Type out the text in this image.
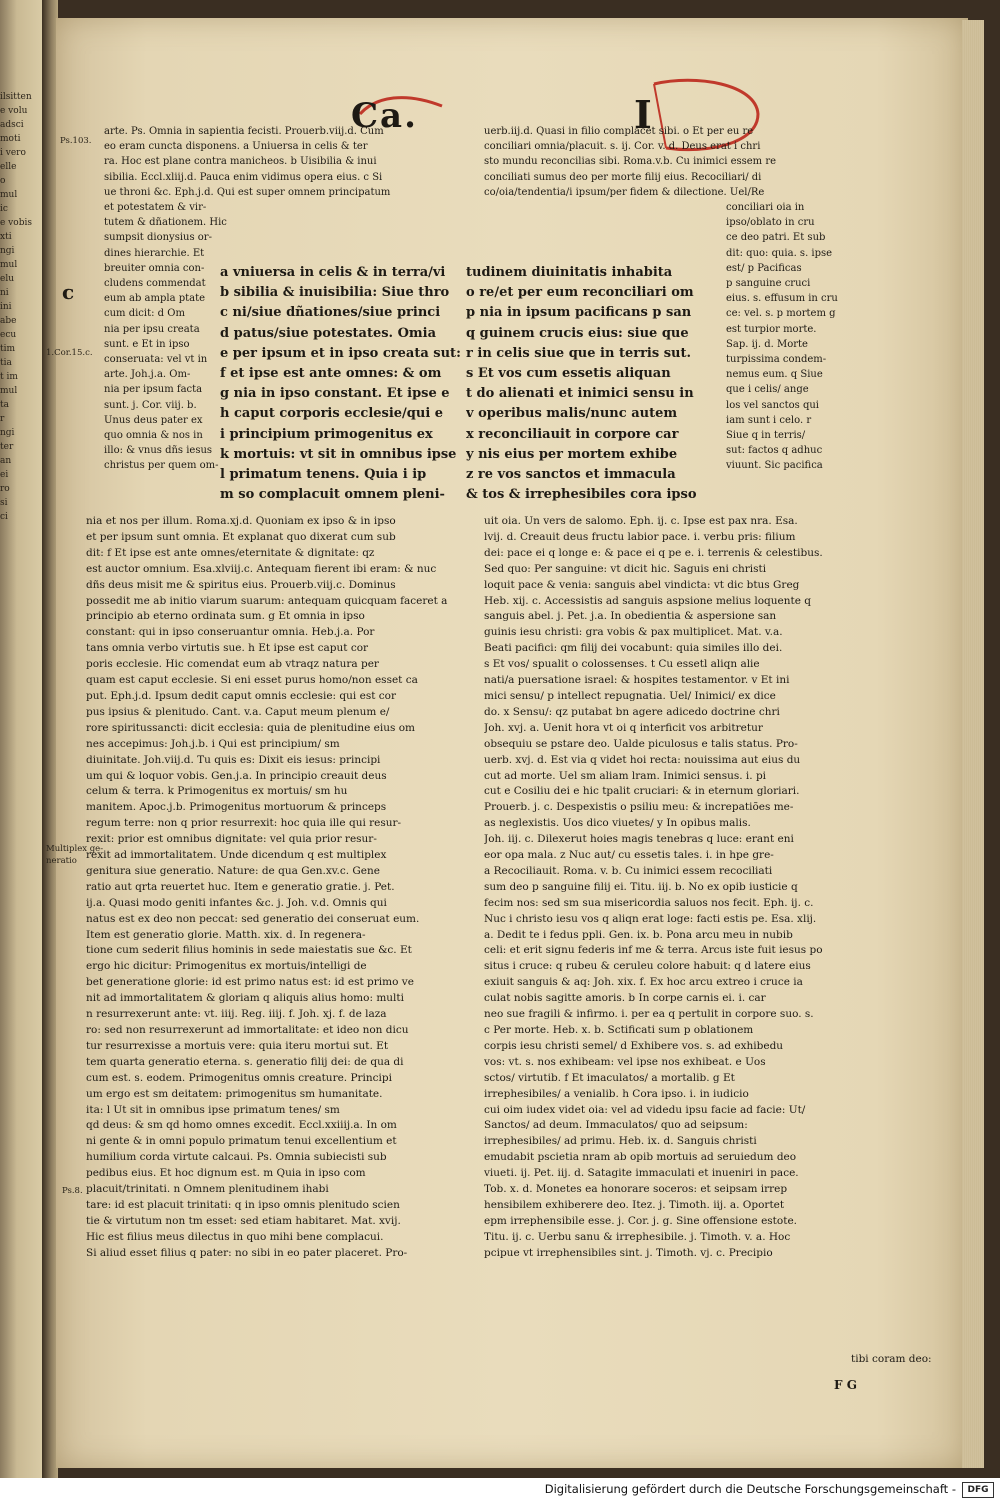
ilsitten
e volu
adsci
moti
i vero
elle
o
mul
ic
e vobis
xti
ngi
mul
elu
ni
ini
abe
ecu
tim
tia
t im
mul
ta
r
ngi
ter
an
ei
ro
si
ci
Ca.	I
Ps.103.
1.Cor.15.c.
Multiplex ge-
neratio
Ps.8.
c
arte. Ps. Omnia in sapientia fecisti. Prouerb.viij.d. Cum
eo eram cuncta disponens. a Uniuersa in celis & ter
ra. Hoc est plane contra manicheos. b Uisibilia & inui
sibilia. Eccl.xliij.d. Pauca enim vidimus opera eius. c Si
ue throni &c. Eph.j.d. Qui est super omnem principatum
et potestatem & vir-
tutem & dñationem. Hic
sumpsit dionysius or-
dines hierarchie. Et
breuiter omnia con-
cludens commendat
eum ab ampla ptate
cum dicit: d Om
nia per ipsu creata
sunt. e Et in ipso
conseruata: vel vt in
arte. Joh.j.a. Om-
nia per ipsum facta
sunt. j. Cor. viij. b.
Unus deus pater ex
quo omnia & nos in
illo: & vnus dñs iesus
christus per quem om-
a vniuersa in celis & in terra/vi
b sibilia & inuisibilia: Siue thro
c ni/siue dñationes/siue princi
d patus/siue potestates. Omia
e per ipsum et in ipso creata sut:
f et ipse est ante omnes: & om
g nia in ipso constant. Et ipse e
h caput corporis ecclesie/qui e
i principium primogenitus ex
k mortuis: vt sit in omnibus ipse
l primatum tenens. Quia i ip
m so complacuit omnem pleni-
uerb.iij.d. Quasi in filio complacet sibi. o Et per eu re
conciliari omnia/placuit. s. ij. Cor. v. d. Deus erat i chri
sto mundu reconcilias sibi. Roma.v.b. Cu inimici essem re
conciliati sumus deo per morte filij eius. Recociliari/ di
co/oia/tendentia/i ipsum/per fidem & dilectione. Uel/Re
tudinem diuinitatis inhabita
o re/et per eum reconciliari om
p nia in ipsum pacificans p san
q guinem crucis eius: siue que
r in celis siue que in terris sut.
s Et vos cum essetis aliquan
t do alienati et inimici sensu in
v operibus malis/nunc autem
x reconciliauit in corpore car
y nis eius per mortem exhibe
z re vos sanctos et immacula
& tos & irrephesibiles cora ipso
conciliari oia in
ipso/oblato in cru
ce deo patri. Et sub
dit: quo: quia. s. ipse
est/ p Pacificas
p sanguine cruci
eius. s. effusum in cru
ce: vel. s. p mortem g
est turpior morte.
Sap. ij. d. Morte
turpissima condem-
nemus eum. q Siue
que i celis/ ange
los vel sanctos qui
iam sunt i celo. r
Siue q in terris/
sut: factos q adhuc
viuunt. Sic pacifica
nia et nos per illum. Roma.xj.d. Quoniam ex ipso & in ipso
et per ipsum sunt omnia. Et explanat quo dixerat cum sub
dit: f Et ipse est ante omnes/eternitate & dignitate: qz
est auctor omnium. Esa.xlviij.c. Antequam fierent ibi eram: & nuc
dñs deus misit me & spiritus eius. Prouerb.viij.c. Dominus
possedit me ab initio viarum suarum: antequam quicquam faceret a
principio ab eterno ordinata sum. g Et omnia in ipso
constant: qui in ipso conseruantur omnia. Heb.j.a. Por
tans omnia verbo virtutis sue. h Et ipse est caput cor
poris ecclesie. Hic comendat eum ab vtraqz natura per
quam est caput ecclesie. Si eni esset purus homo/non esset ca
put. Eph.j.d. Ipsum dedit caput omnis ecclesie: qui est cor
pus ipsius & plenitudo. Cant. v.a. Caput meum plenum e/
rore spiritussancti: dicit ecclesia: quia de plenitudine eius om
nes accepimus: Joh.j.b. i Qui est principium/ sm
diuinitate. Joh.viij.d. Tu quis es: Dixit eis iesus: principi
um qui & loquor vobis. Gen.j.a. In principio creauit deus
celum & terra. k Primogenitus ex mortuis/ sm hu
manitem. Apoc.j.b. Primogenitus mortuorum & princeps
regum terre: non q prior resurrexit: hoc quia ille qui resur-
rexit: prior est omnibus dignitate: vel quia prior resur-
rexit ad immortalitatem. Unde dicendum q est multiplex
genitura siue generatio. Nature: de qua Gen.xv.c. Gene
ratio aut qrta reuertet huc. Item e generatio gratie. j. Pet.
ij.a. Quasi modo geniti infantes &c. j. Joh. v.d. Omnis qui
natus est ex deo non peccat: sed generatio dei conseruat eum.
Item est generatio glorie. Matth. xix. d. In regenera-
tione cum sederit filius hominis in sede maiestatis sue &c. Et
ergo hic dicitur: Primogenitus ex mortuis/intelligi de
bet generatione glorie: id est primo natus est: id est primo ve
nit ad immortalitatem & gloriam q aliquis alius homo: multi
n resurrexerunt ante: vt. iiij. Reg. iiij. f. Joh. xj. f. de laza
ro: sed non resurrexerunt ad immortalitate: et ideo non dicu
tur resurrexisse a mortuis vere: quia iteru mortui sut. Et
tem quarta generatio eterna. s. generatio filij dei: de qua di
cum est. s. eodem. Primogenitus omnis creature. Principi
um ergo est sm deitatem: primogenitus sm humanitate.
ita: l Ut sit in omnibus ipse primatum tenes/ sm
qd deus: & sm qd homo omnes excedit. Eccl.xxiiij.a. In om
ni gente & in omni populo primatum tenui excellentium et
humilium corda virtute calcaui. Ps. Omnia subiecisti sub
pedibus eius. Et hoc dignum est. m Quia in ipso com
placuit/trinitati. n Omnem plenitudinem ihabi
tare: id est placuit trinitati: q in ipso omnis plenitudo scien
tie & virtutum non tm esset: sed etiam habitaret. Mat. xvij.
Hic est filius meus dilectus in quo mihi bene complacui.
Si aliud esset filius q pater: no sibi in eo pater placeret. Pro-
uit oia. Un vers de salomo. Eph. ij. c. Ipse est pax nra. Esa.
lvij. d. Creauit deus fructu labior pace. i. verbu pris: filium
dei: pace ei q longe e: & pace ei q pe e. i. terrenis & celestibus.
Sed quo: Per sanguine: vt dicit hic. Saguis eni christi
loquit pace & venia: sanguis abel vindicta: vt dic btus Greg
Heb. xij. c. Accessistis ad sanguis aspsione melius loquente q
sanguis abel. j. Pet. j.a. In obedientia & aspersione san
guinis iesu christi: gra vobis & pax multiplicet. Mat. v.a.
Beati pacifici: qm filij dei vocabunt: quia similes illo dei.
s Et vos/ spualit o colossenses. t Cu essetl aliqn alie
nati/a puersatione israel: & hospites testamentor. v Et ini
mici sensu/ p intellect repugnatia. Uel/ Inimici/ ex dice
do. x Sensu/: qz putabat bn agere adicedo doctrine chri
Joh. xvj. a. Uenit hora vt oi q interficit vos arbitretur
obsequiu se pstare deo. Ualde piculosus e talis status. Pro-
uerb. xvj. d. Est via q videt hoi recta: nouissima aut eius du
cut ad morte. Uel sm aliam lram. Inimici sensus. i. pi
cut e Cosiliu dei e hic tpalit cruciari: & in eternum gloriari.
Prouerb. j. c. Despexistis o psiliu meu: & increpatiões me-
as neglexistis. Uos dico viuetes/ y In opibus malis.
Joh. iij. c. Dilexerut hoies magis tenebras q luce: erant eni
eor opa mala. z Nuc aut/ cu essetis tales. i. in hpe gre-
a Recociliauit. Roma. v. b. Cu inimici essem recociliati
sum deo p sanguine filij ei. Titu. iij. b. No ex opib iusticie q
fecim nos: sed sm sua misericordia saluos nos fecit. Eph. ij. c.
Nuc i christo iesu vos q aliqn erat loge: facti estis pe. Esa. xlij.
a. Dedit te i fedus ppli. Gen. ix. b. Pona arcu meu in nubib
celi: et erit signu federis inf me & terra. Arcus iste fuit iesus po
situs i cruce: q rubeu & ceruleu colore habuit: q d latere eius
exiuit sanguis & aq: Joh. xix. f. Ex hoc arcu extreo i cruce ia
culat nobis sagitte amoris. b In corpe carnis ei. i. car
neo sue fragili & infirmo. i. per ea q pertulit in corpore suo. s.
c Per morte. Heb. x. b. Sctificati sum p oblationem
corpis iesu christi semel/ d Exhibere vos. s. ad exhibedu
vos: vt. s. nos exhibeam: vel ipse nos exhibeat. e Uos
sctos/ virtutib. f Et imaculatos/ a mortalib. g Et
irrephesibiles/ a venialib. h Cora ipso. i. in iudicio
cui oim iudex videt oia: vel ad videdu ipsu facie ad facie: Ut/
Sanctos/ ad deum. Immaculatos/ quo ad seipsum:
irrephesibiles/ ad primu. Heb. ix. d. Sanguis christi
emudabit pscietia nram ab opib mortuis ad seruiedum deo
viueti. ij. Pet. iij. d. Satagite immaculati et inueniri in pace.
Tob. x. d. Monetes ea honorare soceros: et seipsam irrep
hensibilem exhiberere deo. Itez. j. Timoth. iij. a. Oportet
epm irrephensibile esse. j. Cor. j. g. Sine offensione estote.
Titu. ij. c. Uerbu sanu & irrephesibile. j. Timoth. v. a. Hoc
pcipue vt irrephensibiles sint. j. Timoth. vj. c. Precipio
tibi coram deo:
F G
Digitalisierung gefördert durch die Deutsche Forschungsgemeinschaft -	DFG
